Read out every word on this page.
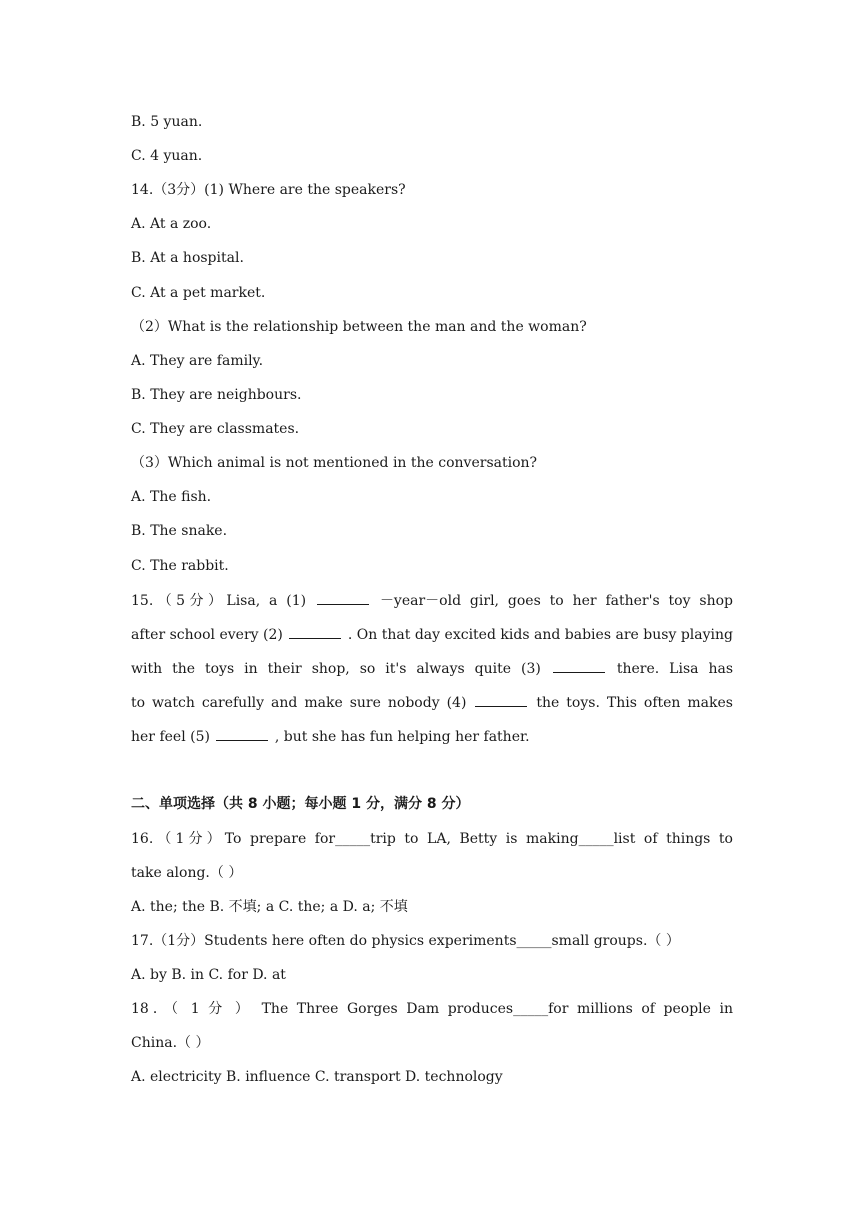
B. 5 yuan.
C. 4 yuan.
14.（3分）(1) Where are the speakers?
A. At a zoo.
B. At a hospital.
C. At a pet market.
（2）What is the relationship between the man and the woman?
A. They are family.
B. They are neighbours.
C. They are classmates.
（3）Which animal is not mentioned in the conversation?
A. The fish.
B. The snake.
C. The rabbit.
15.（5分）Lisa, a (1)	－year－old girl, goes to her father's toy shop
after school every (2)	. On that day excited kids and babies are busy playing
with the toys in their shop, so it's always quite (3)	there. Lisa has
to watch carefully and make sure nobody (4)	the toys. This often makes
her feel (5)	, but she has fun helping her father.
二、单项选择（共 8 小题；每小题 1 分，满分 8 分）
16.（1分）To prepare for_____trip to LA, Betty is making_____list of things to
take along.（ ）
A. the; the B. 不填; a C. the; a D. a; 不填
17.（1分）Students here often do physics experiments_____small groups.（ ）
A. by B. in C. for D. at
18．（ 1 分 ） The Three Gorges Dam produces_____for millions of people in
China.（ ）
A. electricity B. influence C. transport D. technology
